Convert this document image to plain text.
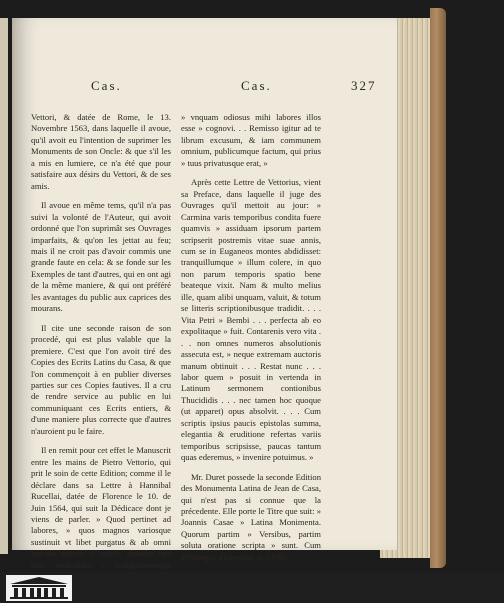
Cas.	Cas.	327

Vettori, & datée de Rome, le 13. Novembre 1563, dans laquelle il avoue, qu'il avoit eu l'intention de suprimer les Monuments de son Oncle: & que s'il les a mis en lumiere, ce n'a été que pour satisfaire aux désirs du Vettori, & de ses amis.

Il avoue en même tems, qu'il n'a pas suivi la volonté de l'Auteur, qui avoit ordonné que l'on suprimât ses Ouvrages imparfaits, & qu'on les jettat au feu; mais il ne croit pas d'avoir commis une grande faute en cela: & se fonde sur les Exemples de tant d'autres, qui en ont agi de la même maniere, & qui ont préféré les avantages du public aux caprices des mourans.

Il cite une seconde raison de son procedé, qui est plus valable que la premiere. C'est que l'on avoit tiré des Copies des Ecrits Latins du Casa, & que l'on commençoit à en publier diverses parties sur ces Copies fautives. Il a cru de rendre service au public en lui communiquant ces Ecrits entiers, & d'une maniere plus correcte que d'autres n'auroient pu le faire.

Il en remit pour cet effet le Manuscrit entre les mains de Pietro Vettorio, qui prit le soin de cette Edition; comme il le déclare dans sa Lettre à Hannibal Rucellai, datée de Florence le 10. de Juin 1564, qui suit la Dédicace dont je viens de parler. » Quod pertinet ad labores, » quos magnos variosque sustinuit vt libet purgatus & ab omni macula vacuus » exiret, omnem ego hinc molestiam » indignitatemque

» vnquam odiosus mihi labores illos esse » cognovi. . . Remisso igitur ad te librum excusum, & iam communem omnium, publicumque factum, qui prius » tuus privatusque erat, »

Après cette Lettre de Vettorius, vient sa Preface, dans laquelle il juge des Ouvrages qu'il mettoit au jour: » Carmina varis temporibus condita fuere quamvis » assiduam ipsorum partem scripserit postremis vitae suae annis, cum se in Euganeos montes abdidisset: tranquillumque » illum colere, in quo non parum temporis spatio bene beateque vixit. Nam & multo melius ille, quam alibi unquam, valuit, & totum se litteris scriptionibusque tradidit. . . . Vita Petri » Bembi . . . perfecta ab eo expolitaque » fuit. Contarenis vero vita . . . non omnes numeros absolutionis assecuta est, » neque extremam auctoris manum obtinuit . . . Restat nunc . . . labor quem » posuit in vertenda in Latinum sermonem contionibus Thucididis . . . nec tamen hoc quoque (ut apparet) opus absolvit. . . . Cum scriptis ipsius paucis epistolas summa, elegantia & eruditione refertas variis temporibus scripsisse, paucas tantum quas ederemus, » invenire potuimus. »

Mr. Duret possede la seconde Edition des Monumenta Latina de Jean de Casa, qui n'est pas si connue que la précedente. Elle porte le Titre que suit: » Joannis Casae » Latina Monimenta. Quorum partim » Versibus, partim soluta oratione scripta » sunt. Cum Privilegio. Florentiae in » Offi-
